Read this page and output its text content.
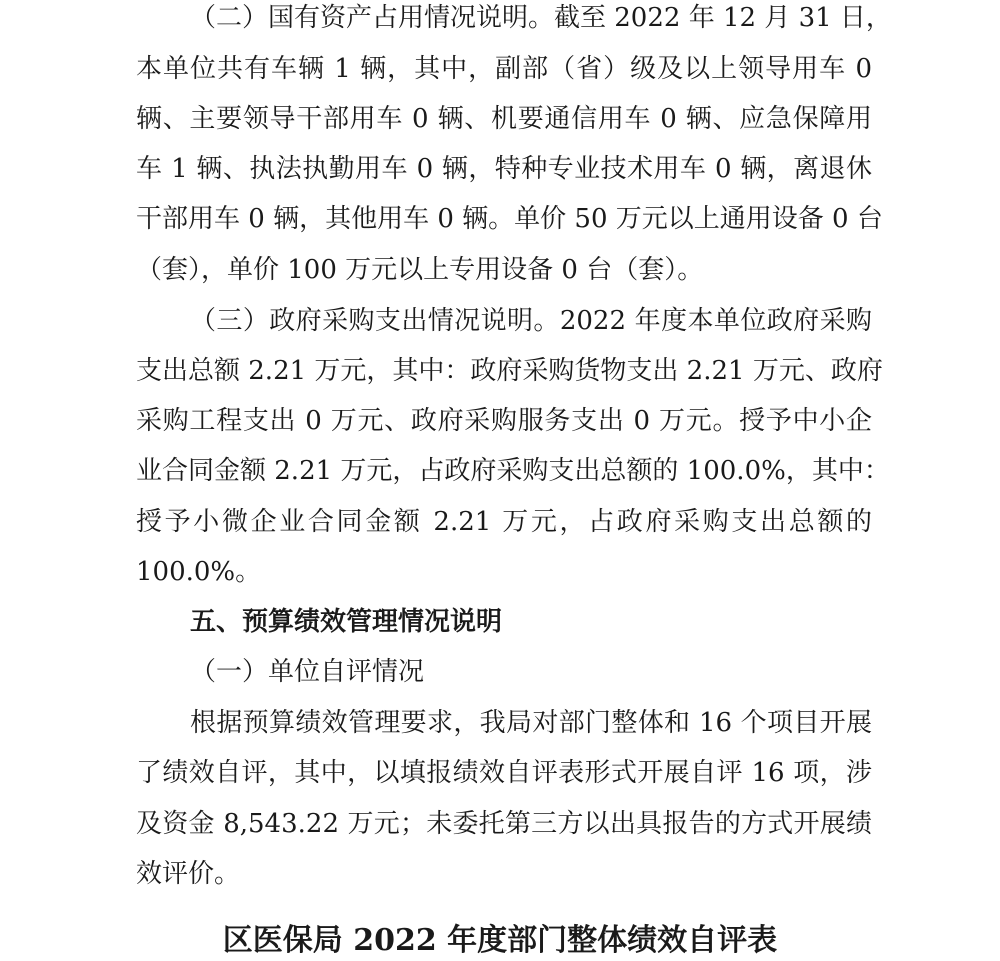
（二）国有资产占用情况说明。截至 2022 年 12 月 31 日，
本单位共有车辆 1 辆，其中，副部（省）级及以上领导用车 0
辆、主要领导干部用车 0 辆、机要通信用车 0 辆、应急保障用
车 1 辆、执法执勤用车 0 辆，特种专业技术用车 0 辆，离退休
干部用车 0 辆，其他用车 0 辆。单价 50 万元以上通用设备 0 台
（套），单价 100 万元以上专用设备 0 台（套）。
（三）政府采购支出情况说明。2022 年度本单位政府采购
支出总额 2.21 万元，其中：政府采购货物支出 2.21 万元、政府
采购工程支出 0 万元、政府采购服务支出 0 万元。授予中小企
业合同金额 2.21 万元，占政府采购支出总额的 100.0%，其中：
授予小微企业合同金额 2.21 万元，占政府采购支出总额的
100.0%。
五、预算绩效管理情况说明
（一）单位自评情况
根据预算绩效管理要求，我局对部门整体和 16 个项目开展
了绩效自评，其中，以填报绩效自评表形式开展自评 16 项，涉
及资金 8,543.22 万元；未委托第三方以出具报告的方式开展绩
效评价。
区医保局 2022 年度部门整体绩效自评表
